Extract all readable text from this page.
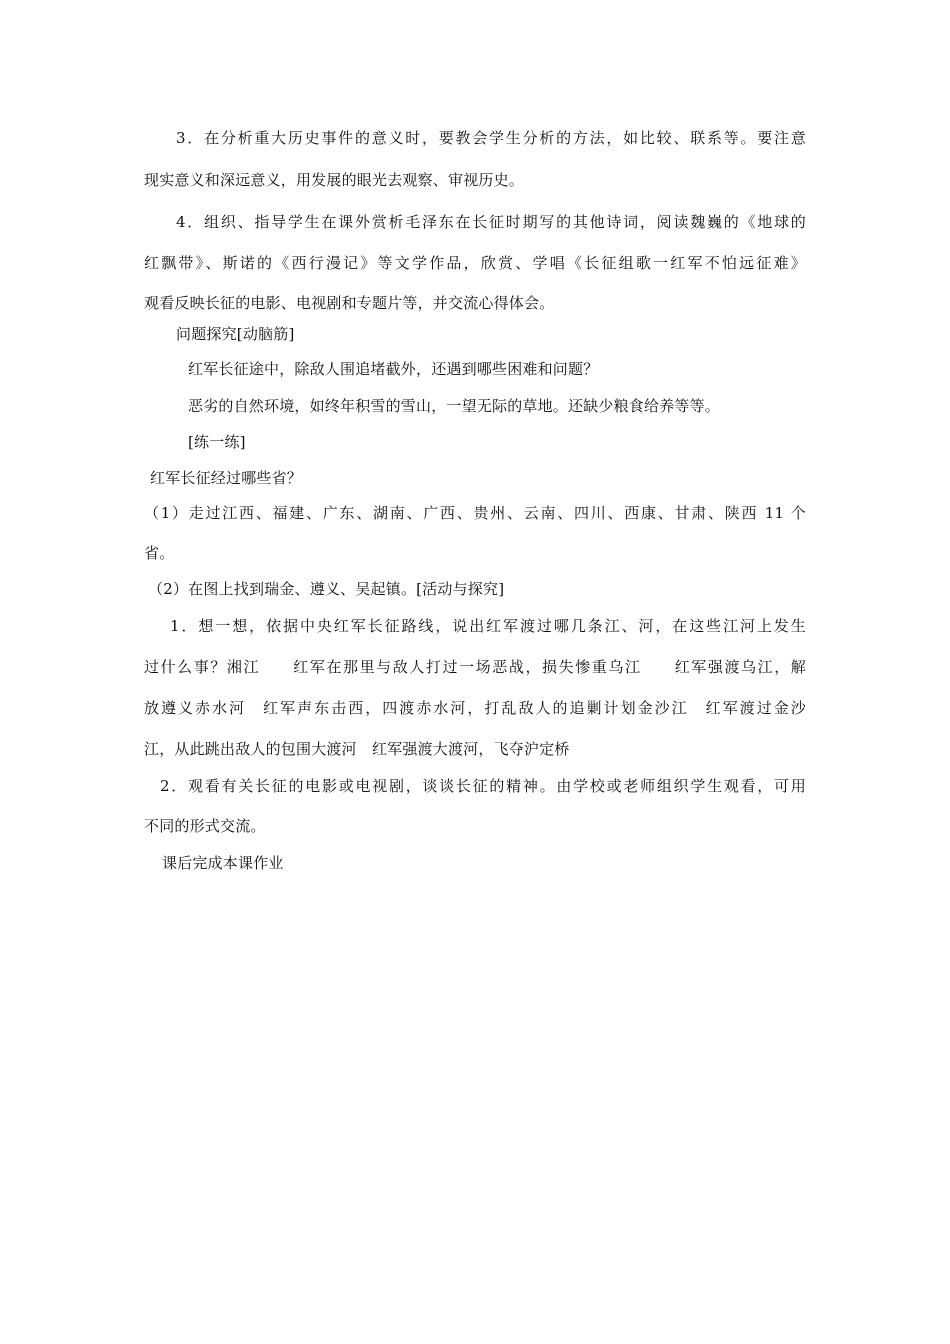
3．在分析重大历史事件的意义时，要教会学生分析的方法，如比较、联系等。要注意
现实意义和深远意义，用发展的眼光去观察、审视历史。
4．组织、指导学生在课外赏析毛泽东在长征时期写的其他诗词，阅读魏巍的《地球的
红飘带》、斯诺的《西行漫记》等文学作品，欣赏、学唱《长征组歌一红军不怕远征难》
观看反映长征的电影、电视剧和专题片等，并交流心得体会。
问题探究[动脑筋]
红军长征途中，除敌人围追堵截外，还遇到哪些困难和问题？
恶劣的自然环境，如终年积雪的雪山，一望无际的草地。还缺少粮食给养等等。
[练一练]
红军长征经过哪些省？
（1）走过江西、福建、广东、湖南、广西、贵州、云南、四川、西康、甘肃、陕西 11 个
省。
（2）在图上找到瑞金、遵义、吴起镇。[活动与探究]
1．想一想，依据中央红军长征路线，说出红军渡过哪几条江、河，在这些江河上发生
过什么事？湘江　　红军在那里与敌人打过一场恶战，损失惨重乌江　　红军强渡乌江，解
放遵义赤水河　红军声东击西，四渡赤水河，打乱敌人的追剿计划金沙江　红军渡过金沙
江，从此跳出敌人的包围大渡河　红军强渡大渡河，飞夺沪定桥
2．观看有关长征的电影或电视剧，谈谈长征的精神。由学校或老师组织学生观看，可用
不同的形式交流。
课后完成本课作业
